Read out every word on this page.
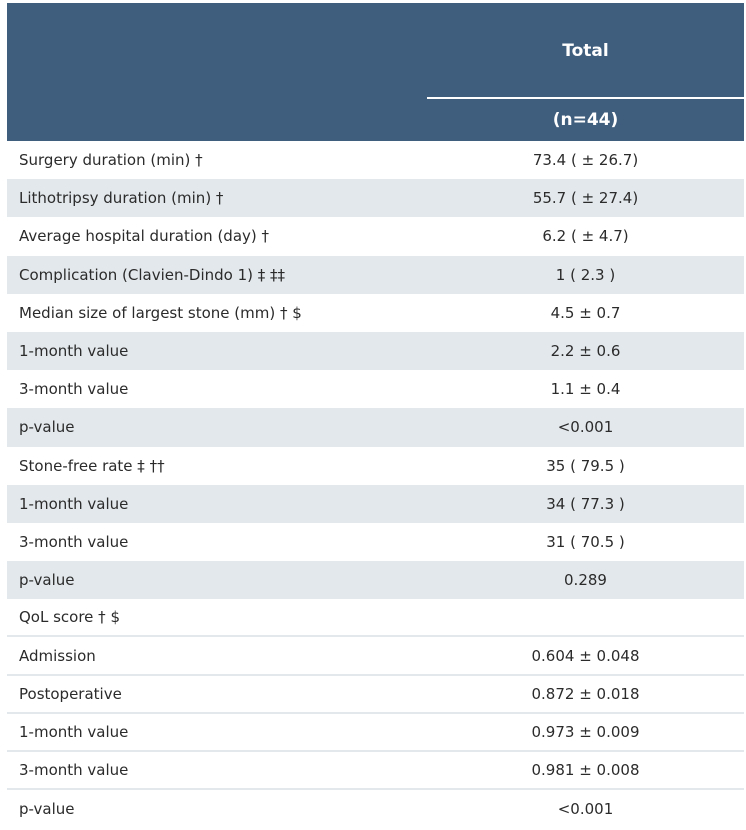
Total
(n=44)
Surgery duration (min) †	73.4 ( ± 26.7)
Lithotripsy duration (min) †	55.7 ( ± 27.4)
Average hospital duration (day) †	6.2 ( ± 4.7)
Complication (Clavien-Dindo 1) ‡ ‡‡	1 ( 2.3 )
Median size of largest stone (mm) † $	4.5 ± 0.7
1-month value	2.2 ± 0.6
3-month value	1.1 ± 0.4
p-value	<0.001
Stone-free rate ‡ ††	35 ( 79.5 )
1-month value	34 ( 77.3 )
3-month value	31 ( 70.5 )
p-value	0.289
QoL score † $
Admission	0.604 ± 0.048
Postoperative	0.872 ± 0.018
1-month value	0.973 ± 0.009
3-month value	0.981 ± 0.008
p-value	<0.001
